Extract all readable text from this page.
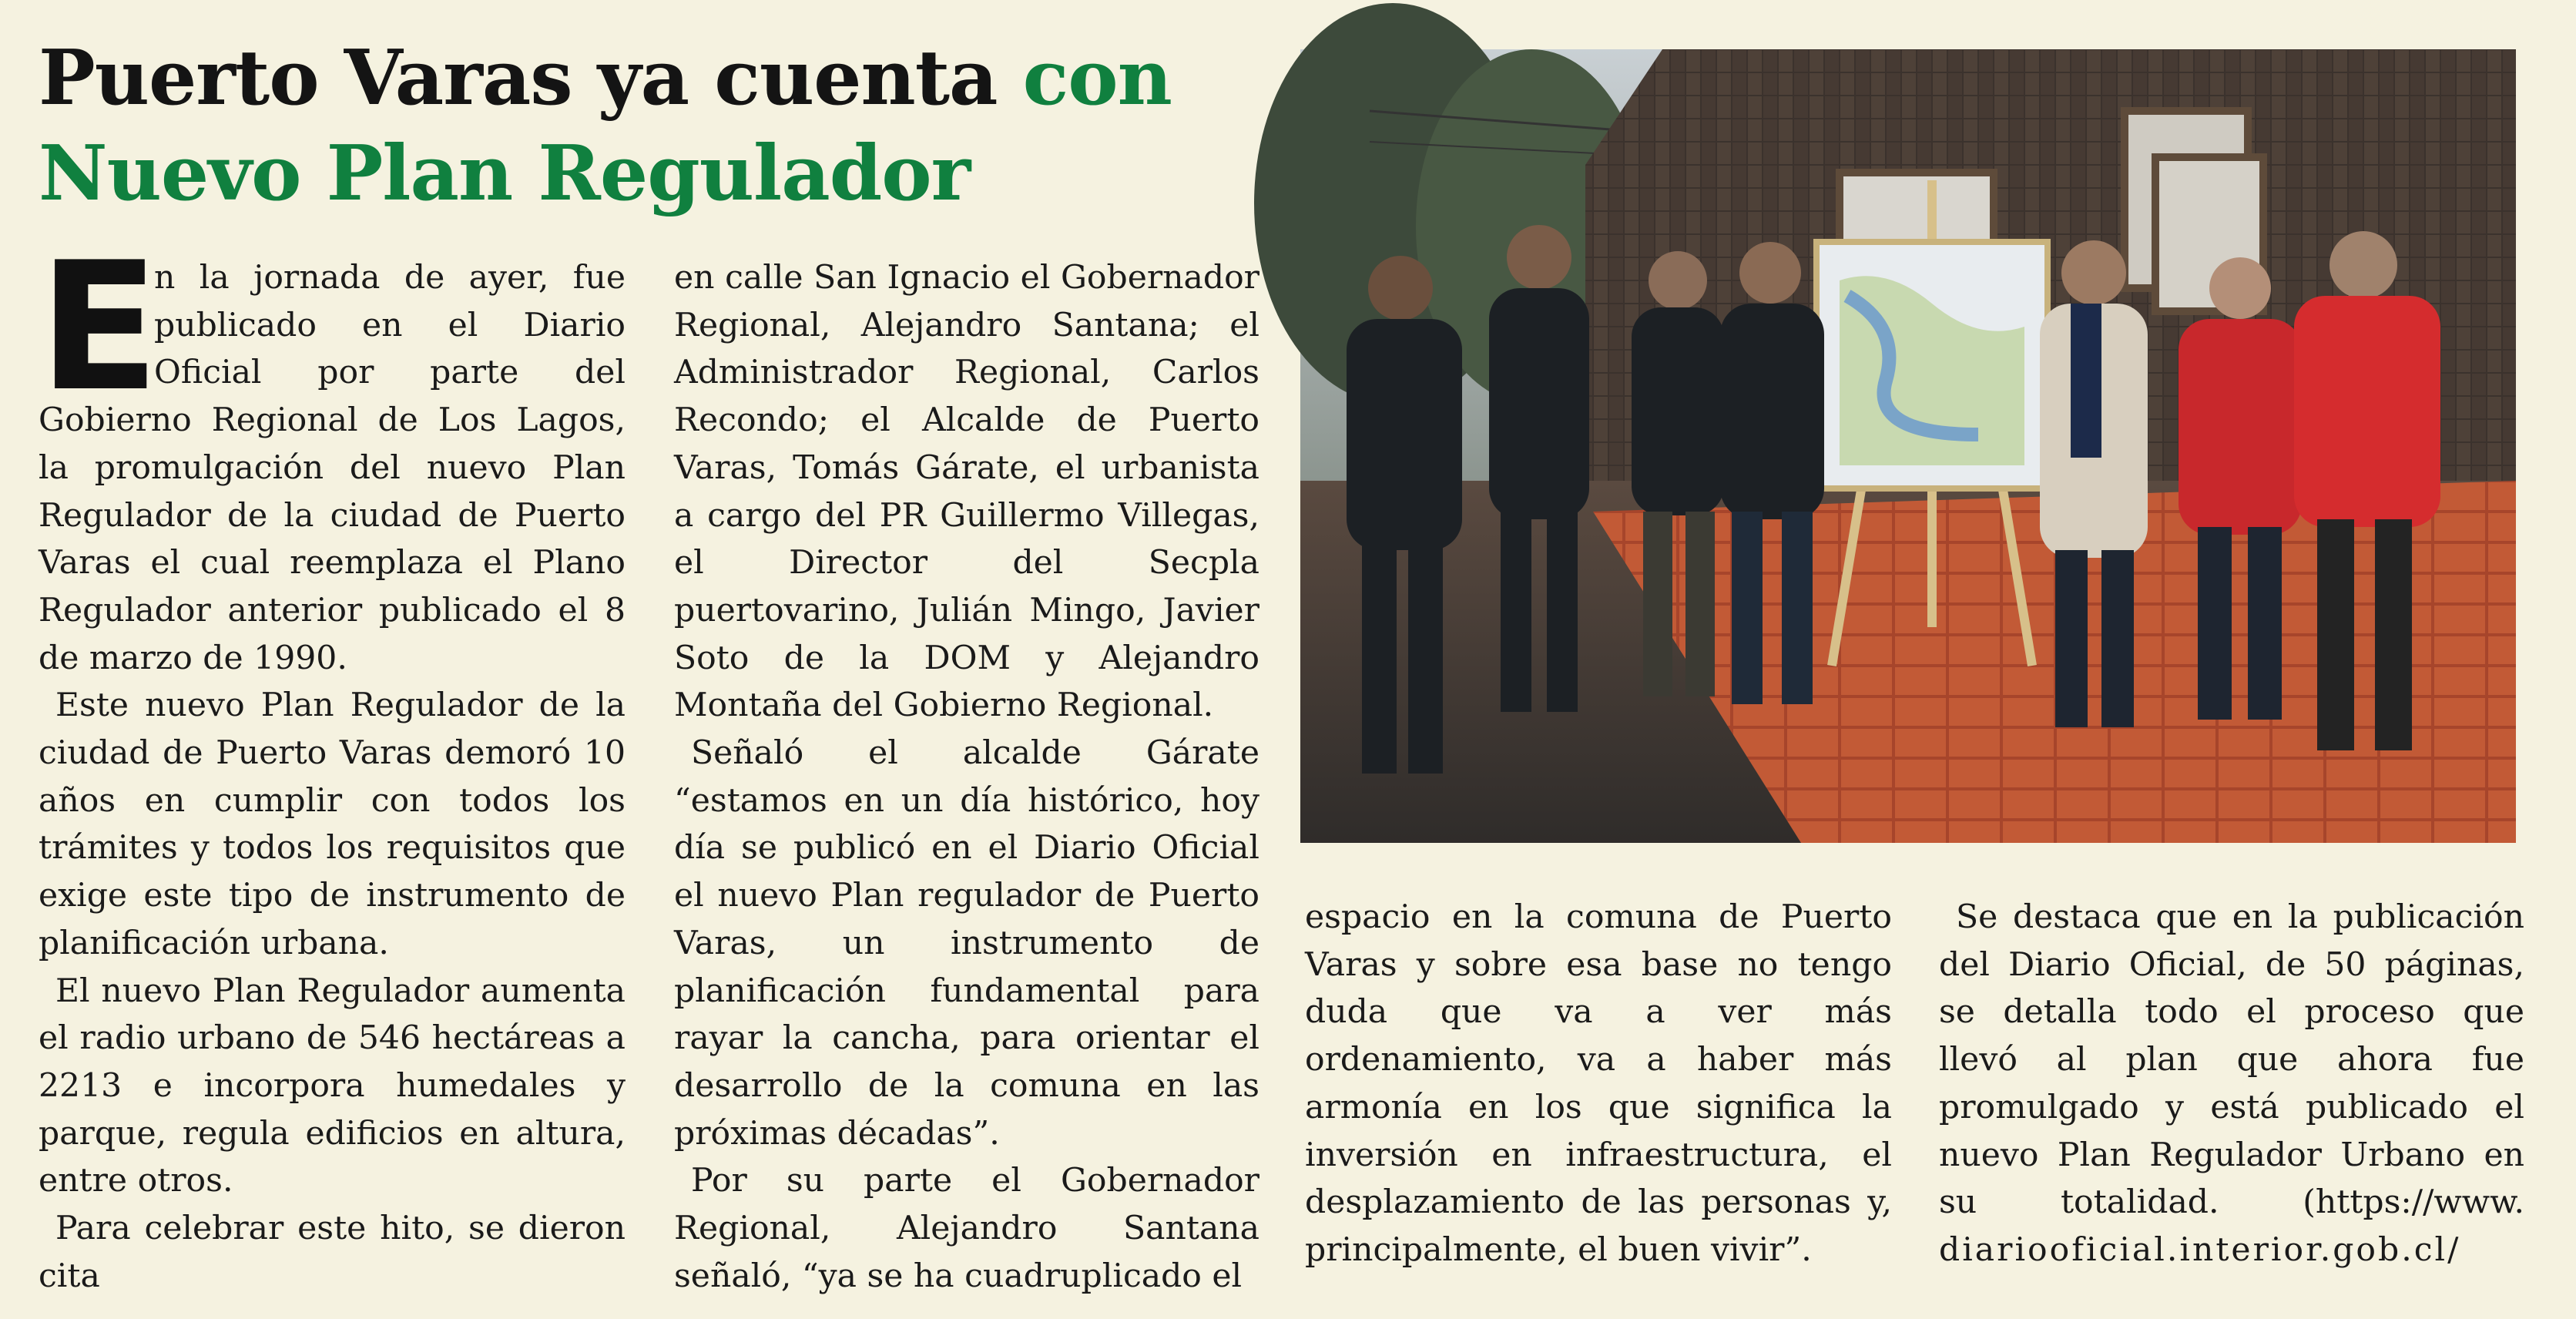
Puerto Varas ya cuenta con
Nuevo Plan Regulador

E
n la jornada de ayer, fue publicado en el Diario Oficial por parte del Gobierno Regional de Los Lagos, la promulgación del nuevo Plan Regulador de la ciudad de Puerto Varas el cual reemplaza el Plano Regulador anterior publicado el 8 de marzo de 1990.

Este nuevo Plan Regulador de la ciudad de Puerto Varas demoró 10 años en cumplir con todos los trámites y todos los requisitos que exige este tipo de instrumento de planificación urbana.

El nuevo Plan Regulador aumenta el radio urbano de 546 hectáreas a 2213 e incorpora humedales y parque, regula edificios en altura, entre otros.

Para celebrar este hito, se dieron cita

en calle San Ignacio el Gobernador Regional, Alejandro Santana; el Administrador Regional, Carlos Recondo; el Alcalde de Puerto Varas, Tomás Gárate, el urbanista a cargo del PR Guillermo Villegas, el Director del Secpla puertovarino, Julián Mingo, Javier Soto de la DOM y Alejandro Montaña del Gobierno Regional.

Señaló el alcalde Gárate “estamos en un día histórico, hoy día se publicó en el Diario Oficial el nuevo Plan regulador de Puerto Varas, un instrumento de planificación fundamental para rayar la cancha, para orientar el desarrollo de la comuna en las próximas décadas”.

Por su parte el Gobernador Regional, Alejandro Santana señaló, “ya se ha cuadruplicado el

espacio en la comuna de Puerto Varas y sobre esa base no tengo duda que va a ver más ordenamiento, va a haber más armonía en los que significa la inversión en infraestructura, el desplazamiento de las personas y, principalmente, el buen vivir”.

Se destaca que en la publicación del Diario Oficial, de 50 páginas, se detalla todo el proceso que llevó al plan que ahora fue promulgado y está publicado el nuevo Plan Regulador Urbano en su totalidad. (https://www. diariooficial.interior.gob.cl/
